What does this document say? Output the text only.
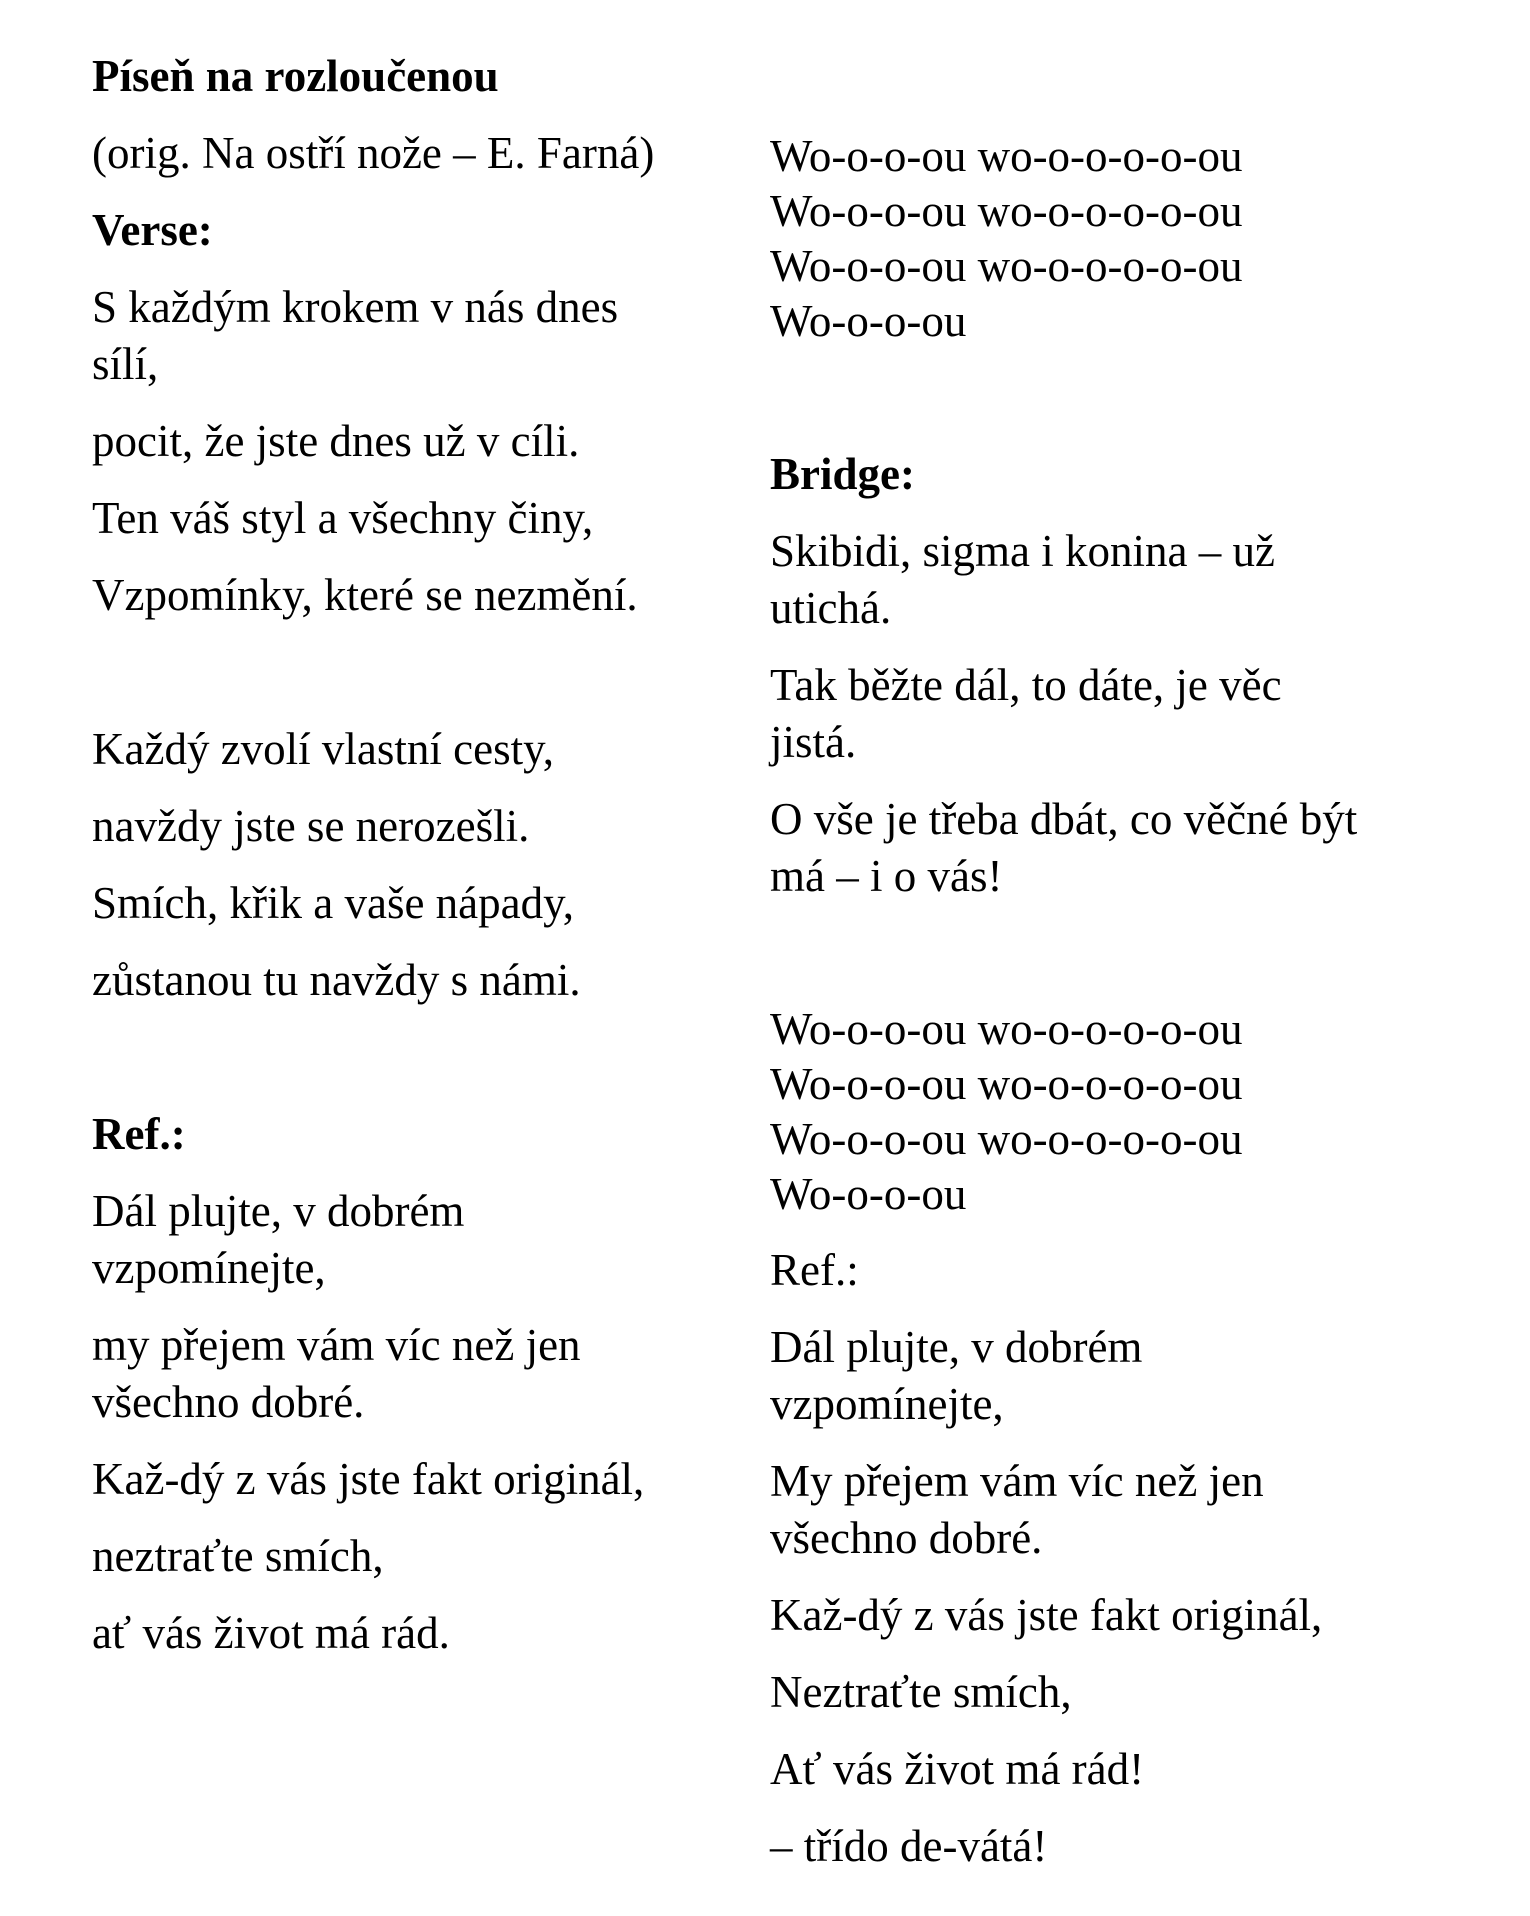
Píseň na rozloučenou

(orig. Na ostří nože – E. Farná)

Verse:

S každým krokem v nás dnes
sílí,

pocit, že jste dnes už v cíli.

Ten váš styl a všechny činy,

Vzpomínky, které se nezmění.

Každý zvolí vlastní cesty,

navždy jste se nerozešli.

Smích, křik a vaše nápady,

zůstanou tu navždy s námi.

Ref.:

Dál plujte, v dobrém
vzpomínejte,

my přejem vám víc než jen
všechno dobré.

Kaž-dý z vás jste fakt originál,

neztraťte smích,

ať vás život má rád.

Wo-o-o-ou wo-o-o-o-o-ou
Wo-o-o-ou wo-o-o-o-o-ou
Wo-o-o-ou wo-o-o-o-o-ou
Wo-o-o-ou

Bridge:

Skibidi, sigma i konina – už
utichá.

Tak běžte dál, to dáte, je věc
jistá.

O vše je třeba dbát, co věčné být
má – i o vás!

Wo-o-o-ou wo-o-o-o-o-ou
Wo-o-o-ou wo-o-o-o-o-ou
Wo-o-o-ou wo-o-o-o-o-ou
Wo-o-o-ou

Ref.:

Dál plujte, v dobrém
vzpomínejte,

My přejem vám víc než jen
všechno dobré.

Kaž-dý z vás jste fakt originál,

Neztraťte smích,

Ať vás život má rád!

– třído de-vátá!
